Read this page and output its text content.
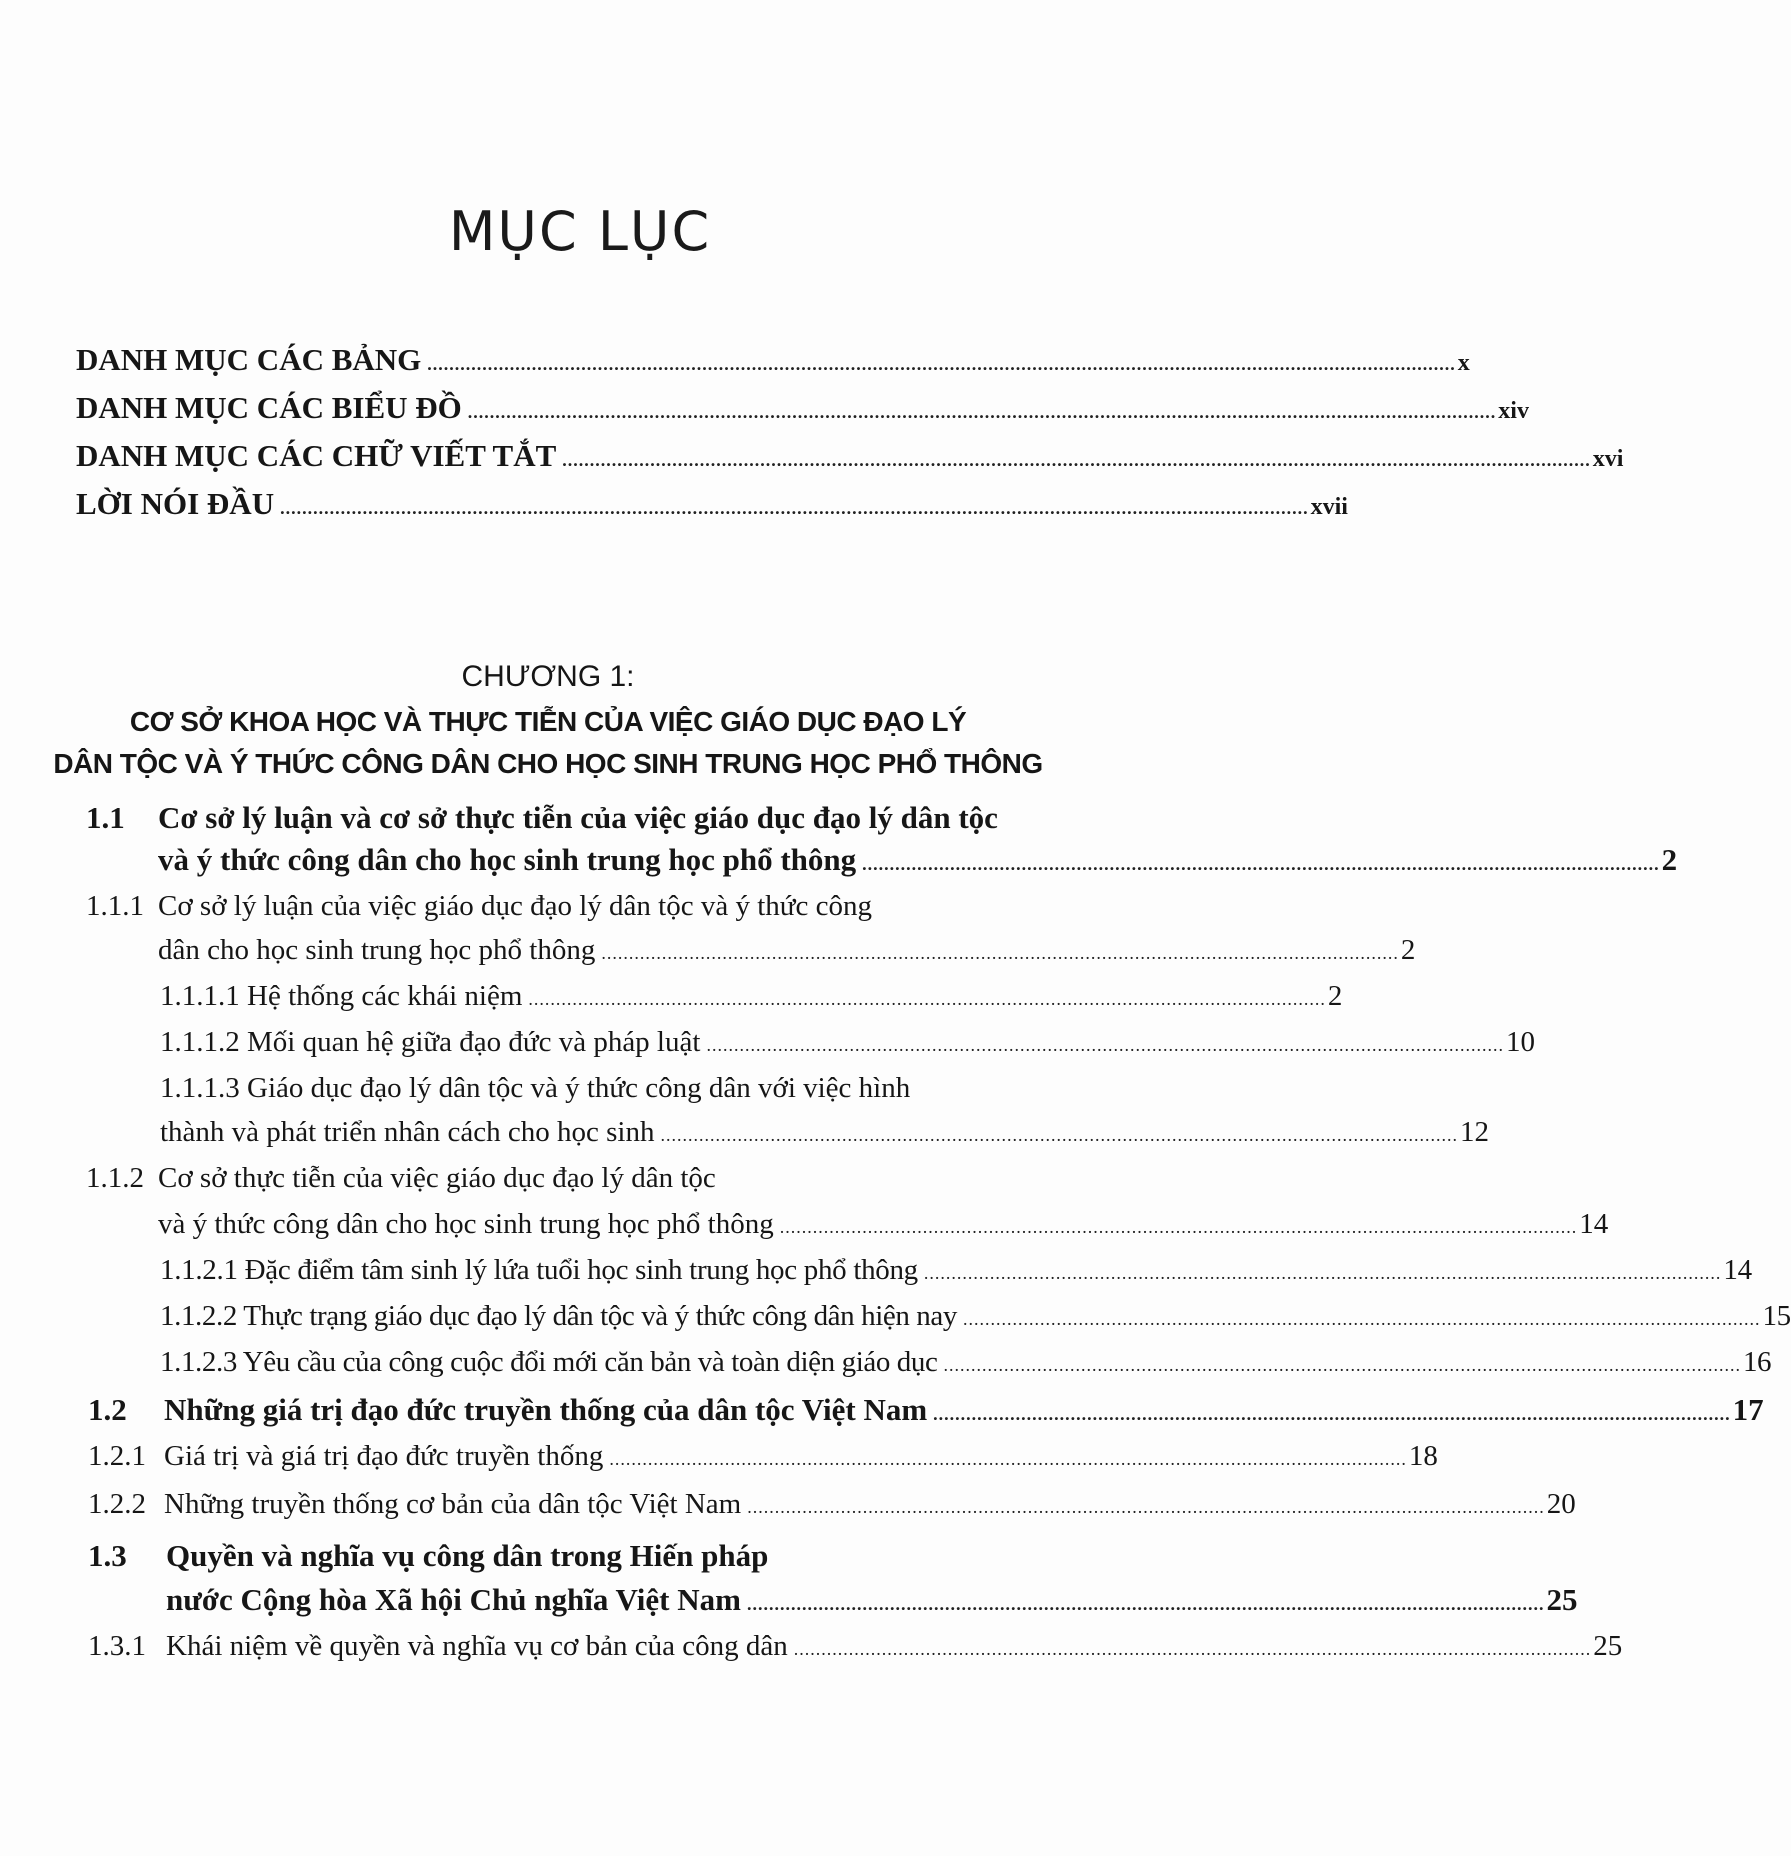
MỤC LỤC
DANH MỤC CÁC BẢNG ........................................................................................................................................................................................... x
DANH MỤC CÁC BIỂU ĐỒ ........................................................................................................................................................................................... xiv
DANH MỤC CÁC CHỮ VIẾT TẮT ........................................................................................................................................................................................... xvi
LỜI NÓI ĐẦU ........................................................................................................................................................................................... xvii
CHƯƠNG 1:
CƠ SỞ KHOA HỌC VÀ THỰC TIỄN CỦA VIỆC GIÁO DỤC ĐẠO LÝ
DÂN TỘC VÀ Ý THỨC CÔNG DÂN CHO HỌC SINH TRUNG HỌC PHỔ THÔNG
1.1 Cơ sở lý luận và cơ sở thực tiễn của việc giáo dục đạo lý dân tộc
và ý thức công dân cho học sinh trung học phổ thông ................................................................................................................................................. 2
1.1.1 Cơ sở lý luận của việc giáo dục đạo lý dân tộc và ý thức công
dân cho học sinh trung học phổ thông ................................................................................................................................................. 2
1.1.1.1 Hệ thống các khái niệm ................................................................................................................................................. 2
1.1.1.2 Mối quan hệ giữa đạo đức và pháp luật ................................................................................................................................................. 10
1.1.1.3 Giáo dục đạo lý dân tộc và ý thức công dân với việc hình
thành và phát triển nhân cách cho học sinh ................................................................................................................................................. 12
1.1.2 Cơ sở thực tiễn của việc giáo dục đạo lý dân tộc
và ý thức công dân cho học sinh trung học phổ thông ................................................................................................................................................. 14
1.1.2.1 Đặc điểm tâm sinh lý lứa tuổi học sinh trung học phổ thông ................................................................................................................................................. 14
1.1.2.2 Thực trạng giáo dục đạo lý dân tộc và ý thức công dân hiện nay ................................................................................................................................................. 15
1.1.2.3 Yêu cầu của công cuộc đổi mới căn bản và toàn diện giáo dục ................................................................................................................................................. 16
1.2 Những giá trị đạo đức truyền thống của dân tộc Việt Nam ................................................................................................................................................. 17
1.2.1 Giá trị và giá trị đạo đức truyền thống ................................................................................................................................................. 18
1.2.2 Những truyền thống cơ bản của dân tộc Việt Nam ................................................................................................................................................. 20
1.3 Quyền và nghĩa vụ công dân trong Hiến pháp
nước Cộng hòa Xã hội Chủ nghĩa Việt Nam ................................................................................................................................................. 25
1.3.1 Khái niệm về quyền và nghĩa vụ cơ bản của công dân ................................................................................................................................................. 25
